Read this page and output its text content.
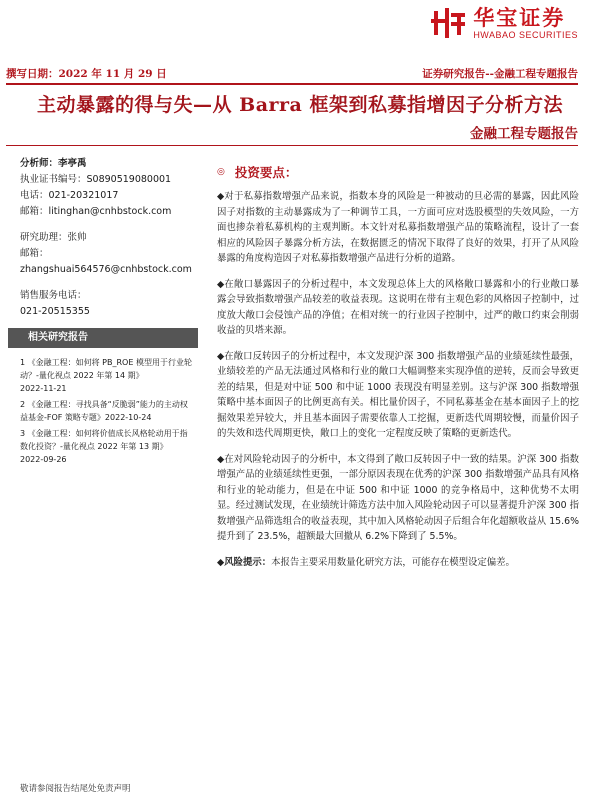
华宝证券
HWABAO SECURITIES
撰写日期：2022 年 11 月 29 日	证券研究报告--金融工程专题报告
主动暴露的得与失—从 Barra 框架到私募指增因子分析方法
金融工程专题报告
分析师：李亭禹
执业证书编号：S0890519080001
电话：021-20321017
邮箱：litinghan@cnhbstock.com
研究助理：张帅
邮箱：
zhangshuai564576@cnhbstock.com
销售服务电话：
021-20515355
相关研究报告
1 《金融工程：如何将 PB_ROE 模型用于行业轮动？-量化视点 2022 年第 14 期》
2022-11-21
2 《金融工程：寻找具备“反脆弱”能力的主动权益基金-FOF 策略专题》2022-10-24
3 《金融工程：如何将价值成长风格轮动用于指数化投资？-量化视点 2022 年第 13 期》
2022-09-26
◎ 投资要点：

◆对于私募指数增强产品来说，指数本身的风险是一种被动的旦必需的暴露，因此风险因子对指数的主动暴露成为了一种调节工具，一方面可应对选股模型的失效风险，一方面也掺杂着私募机构的主观判断。本文针对私募指数增强产品的策略流程，设计了一套相应的风险因子暴露分析方法，在数据匮乏的情况下取得了良好的效果，打开了从风险暴露的角度构造因子对私募指数增强产品进行分析的道路。

◆在敞口暴露因子的分析过程中，本文发现总体上大的风格敞口暴露和小的行业敞口暴露会导致指数增强产品较差的收益表现。这说明在带有主观色彩的风格因子控制中，过度放大敞口会侵蚀产品的净值；在相对统一的行业因子控制中，过严的敞口约束会削弱收益的贝塔来源。

◆在敞口反转因子的分析过程中，本文发现沪深 300 指数增强产品的业绩延续性最强，业绩较差的产品无法通过风格和行业的敞口大幅调整来实现净值的逆转，反而会导致更差的结果，但是对中证 500 和中证 1000 表现没有明显差别。这与沪深 300 指数增强策略中基本面因子的比例更高有关。相比量价因子，不同私募基金在基本面因子上的挖掘效果差异较大，并且基本面因子需要依靠人工挖掘，更新迭代周期较慢，而量价因子的失效和迭代周期更快，敞口上的变化一定程度反映了策略的更新迭代。

◆在对风险轮动因子的分析中，本文得到了敞口反转因子中一致的结果。沪深 300 指数增强产品的业绩延续性更强，一部分原因表现在优秀的沪深 300 指数增强产品具有风格和行业的轮动能力，但是在中证 500 和中证 1000 的竞争格局中，这种优势不太明显。经过测试发现，在业绩统计筛选方法中加入风险轮动因子可以显著提升沪深 300 指数增强产品筛选组合的收益表现，其中加入风格轮动因子后组合年化超额收益从 15.6%提升到了 23.5%，超额最大回撤从 6.2%下降到了 5.5%。

◆风险提示：本报告主要采用数量化研究方法，可能存在模型设定偏差。

敬请参阅报告结尾处免责声明
